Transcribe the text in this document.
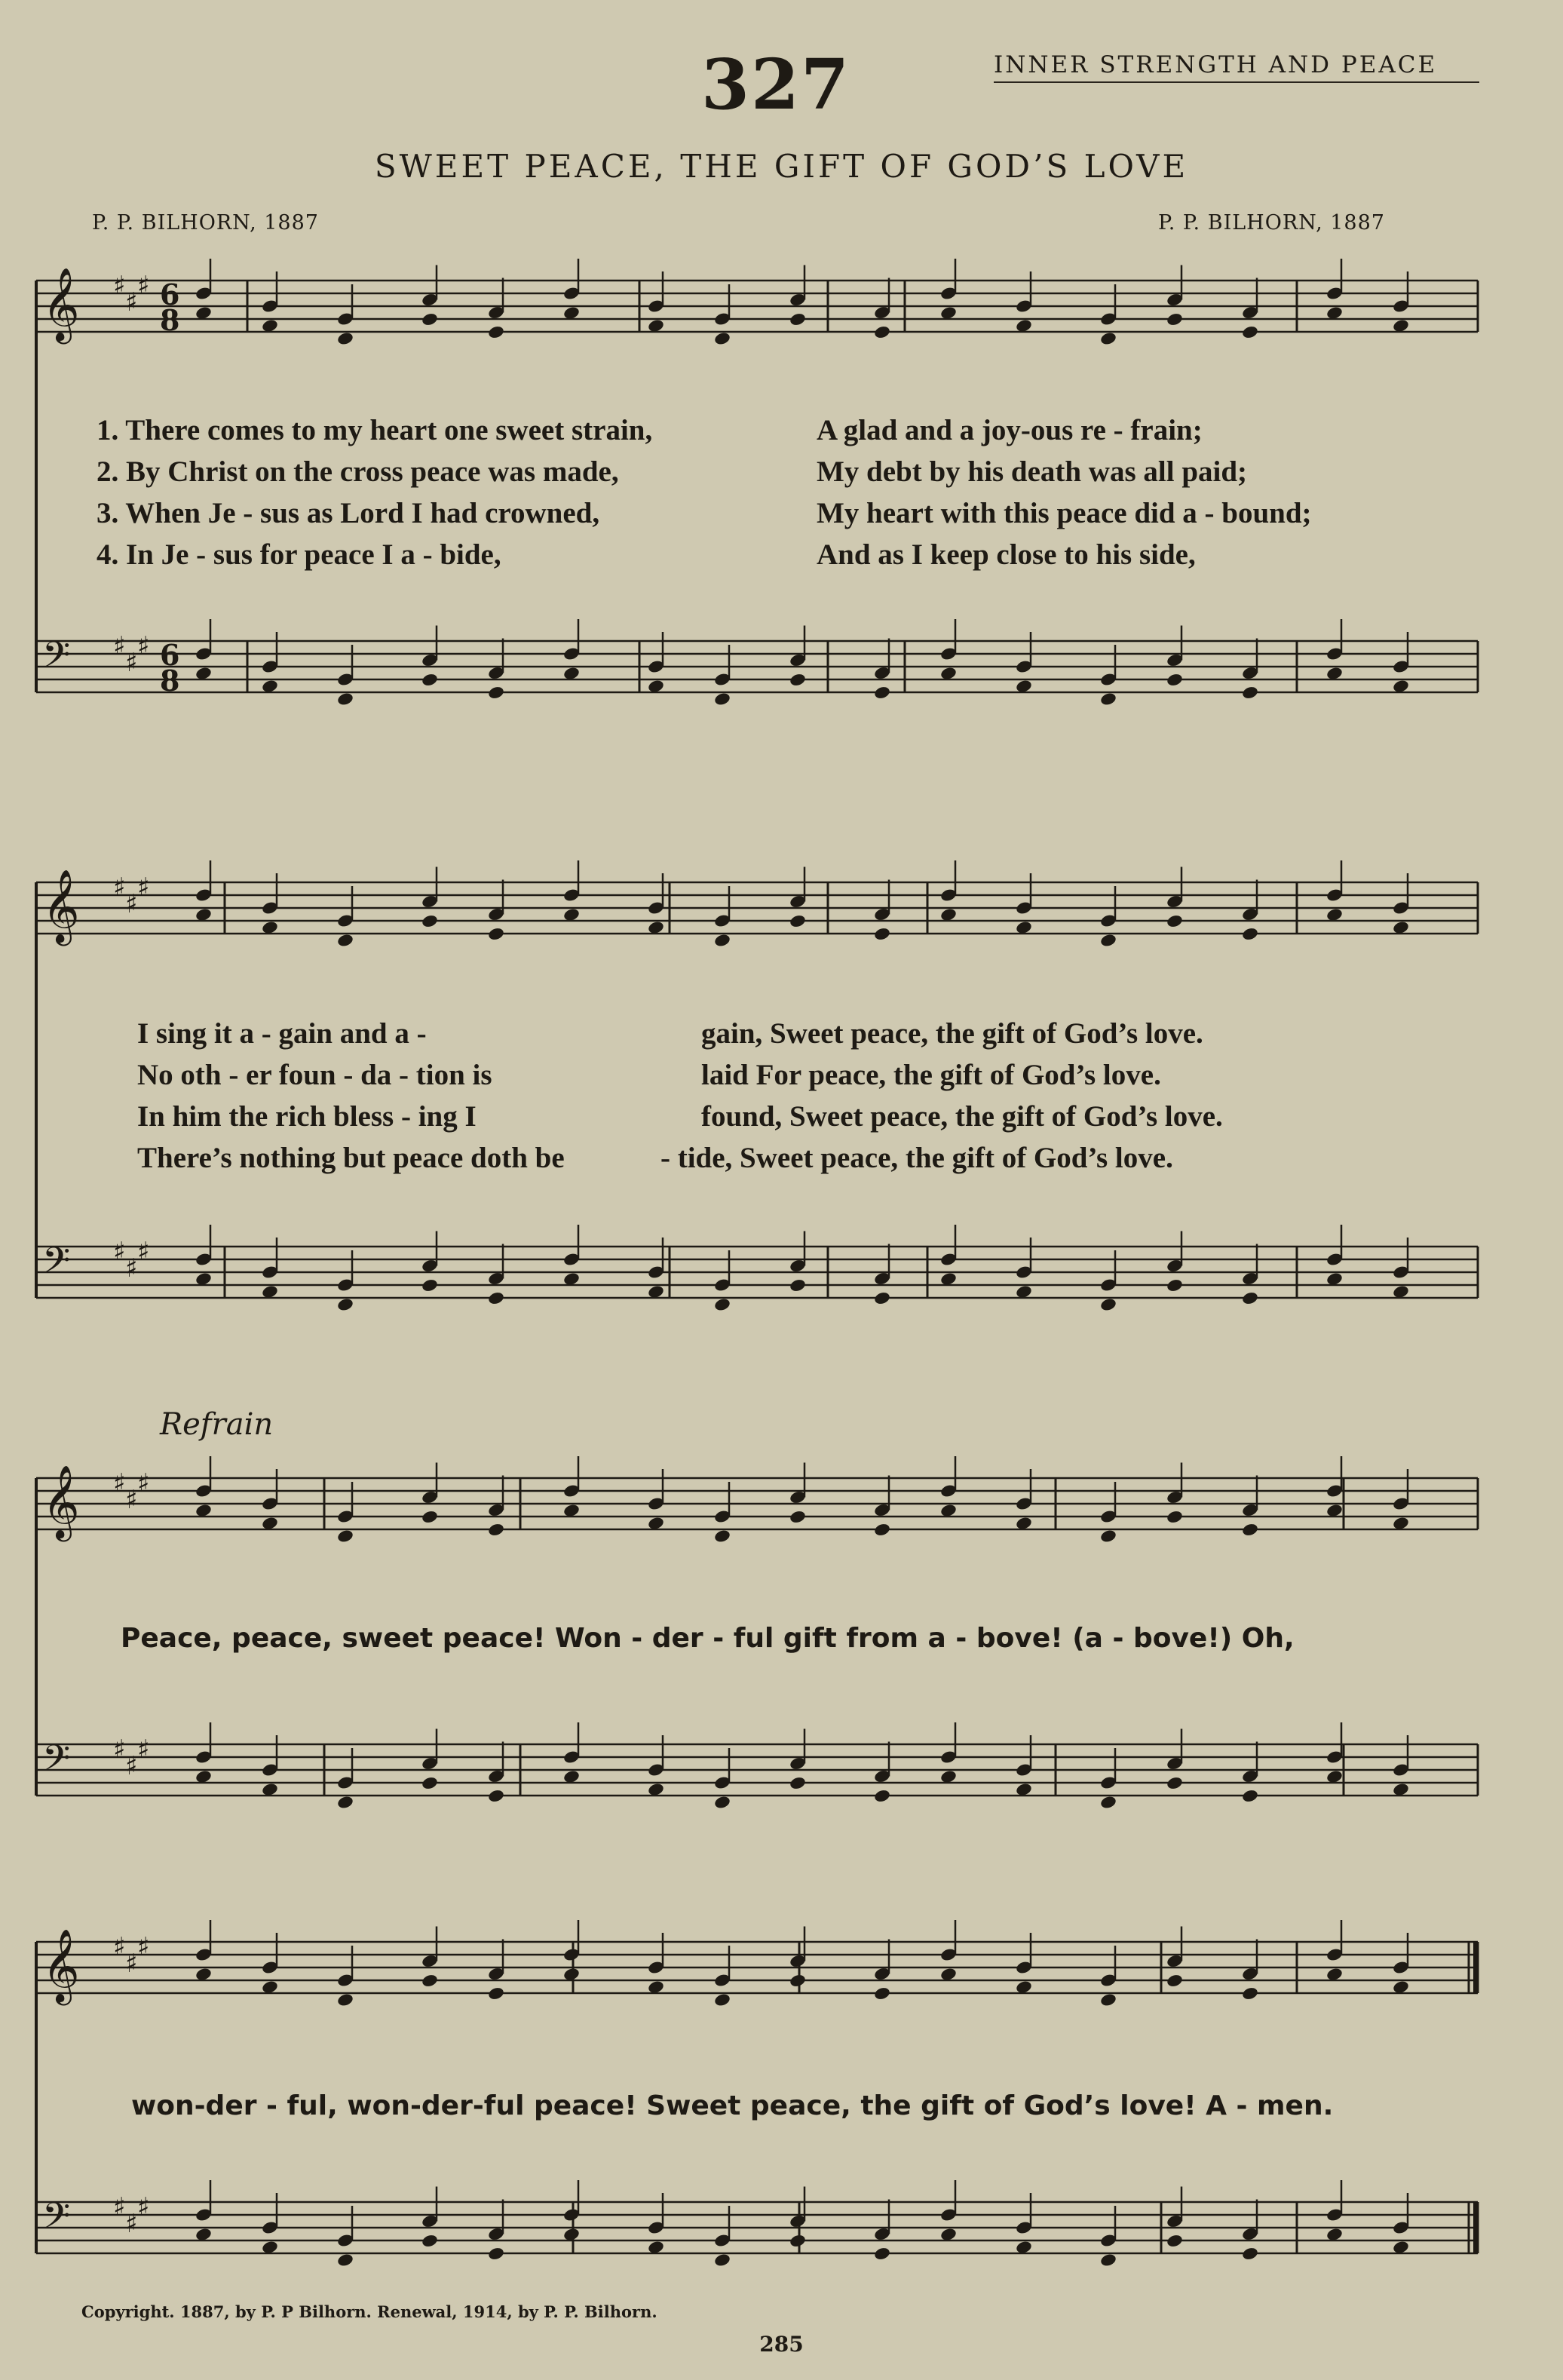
327	INNER STRENGTH AND PEACE
SWEET PEACE, THE GIFT OF GOD’S LOVE
P. P. BILHORN, 1887	P. P. BILHORN, 1887
𝄞 ♯
♯
♯ 6
8
𝄢 ♯
♯
♯ 6
8
𝄞 ♯
♯
♯
𝄢 ♯
♯
♯
𝄞 ♯
♯
♯
𝄢 ♯
♯
♯
𝄞 ♯
♯
♯
𝄢 ♯
♯
♯
1. There comes to my heart one sweet strain,	A glad and a joy-ous re - frain;
2. By Christ on the cross peace was made,	My debt by his death was all paid;
3. When Je - sus as Lord I had crowned,	My heart with this peace did a - bound;
4. In Je - sus for peace I a - bide,	And as I keep close to his side,
I sing it a - gain and a -	gain, Sweet peace, the gift of God’s love.
No oth - er foun - da - tion is	laid For peace, the gift of God’s love.
In him the rich bless - ing I	found, Sweet peace, the gift of God’s love.
There’s nothing but peace doth be	- tide, Sweet peace, the gift of God’s love.
Refrain
Peace, peace, sweet peace! Won - der - ful gift from a - bove! (a - bove!) Oh,
won-der - ful, won-der-ful peace! Sweet peace, the gift of God’s love! A - men.
Copyright. 1887, by P. P Bilhorn. Renewal, 1914, by P. P. Bilhorn.
285
